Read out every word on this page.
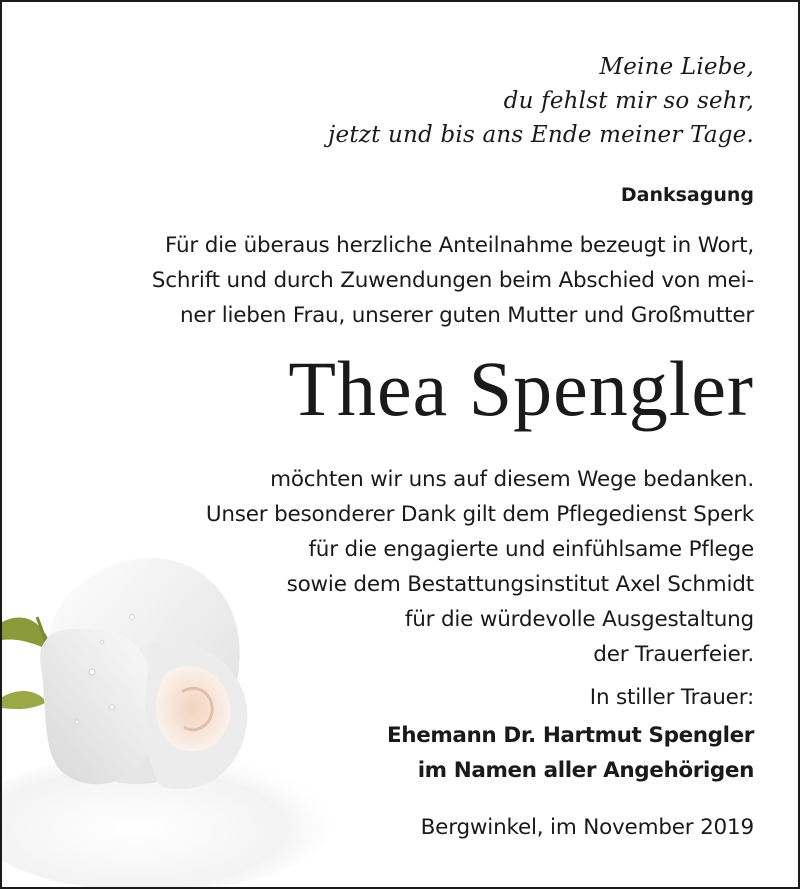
Meine Liebe,
du fehlst mir so sehr,
jetzt und bis ans Ende meiner Tage.
Danksagung
Für die überaus herzliche Anteilnahme bezeugt in Wort,
Schrift und durch Zuwendungen beim Abschied von mei-
ner lieben Frau, unserer guten Mutter und Großmutter
Thea Spengler
möchten wir uns auf diesem Wege bedanken.
Unser besonderer Dank gilt dem Pflegedienst Sperk
für die engagierte und einfühlsame Pflege
sowie dem Bestattungsinstitut Axel Schmidt
für die würdevolle Ausgestaltung
der Trauerfeier.
In stiller Trauer:
Ehemann Dr. Hartmut Spengler
im Namen aller Angehörigen
Bergwinkel, im November 2019
